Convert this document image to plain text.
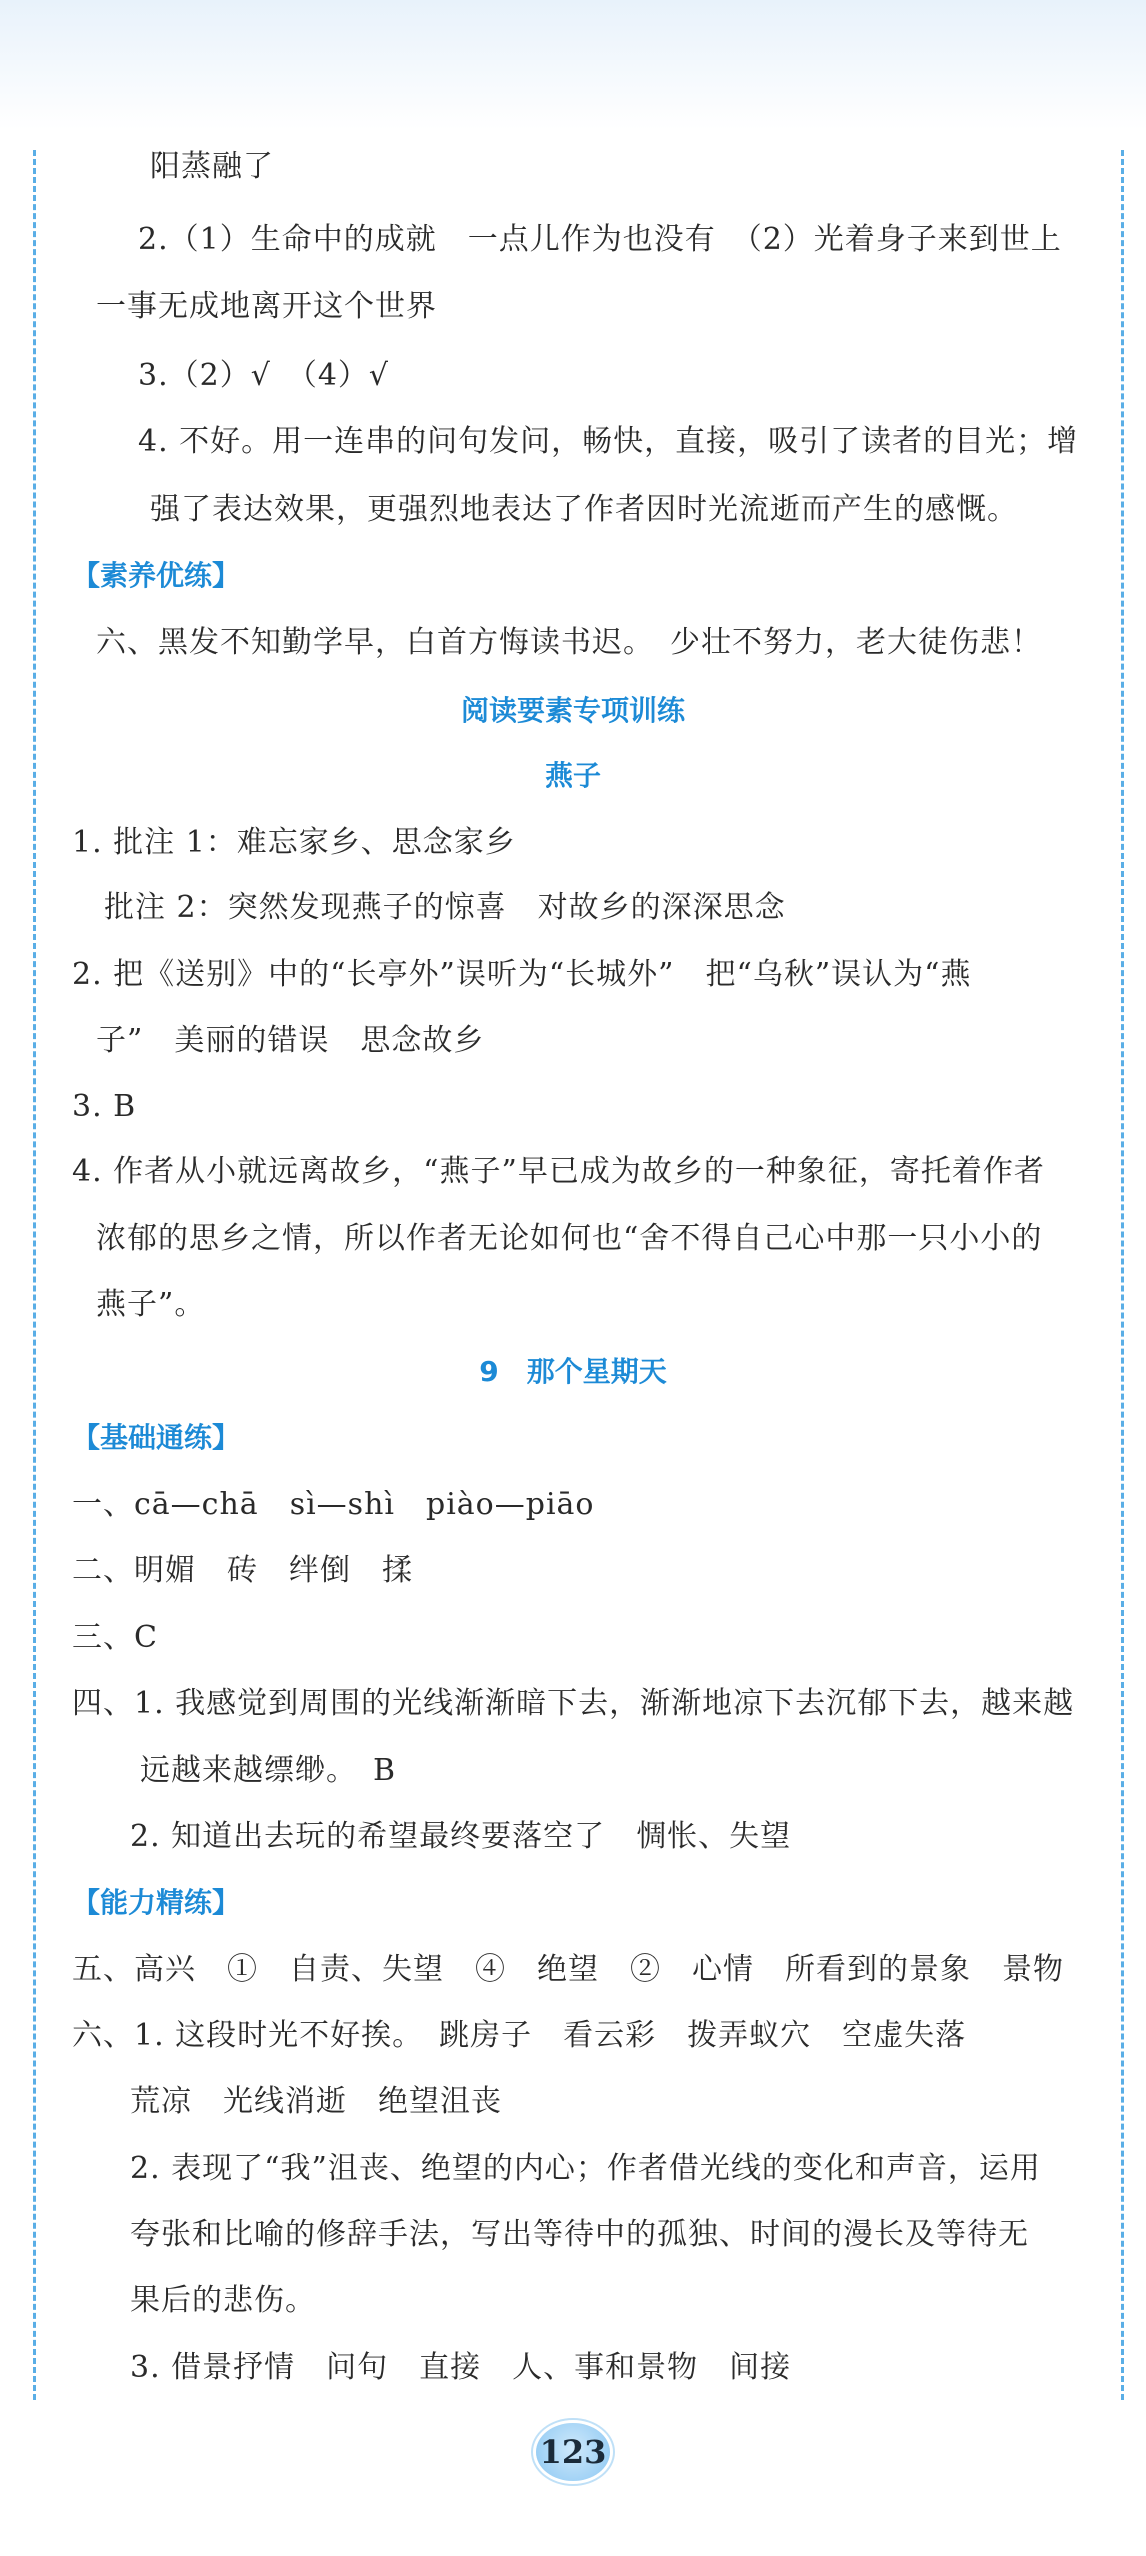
阳蒸融了
2.（1）生命中的成就　一点儿作为也没有　（2）光着身子来到世上
一事无成地离开这个世界
3.（2）√　（4）√
4. 不好。用一连串的问句发问，畅快，直接，吸引了读者的目光；增
强了表达效果，更强烈地表达了作者因时光流逝而产生的感慨。
【素养优练】
六、黑发不知勤学早，白首方悔读书迟。　少壮不努力，老大徒伤悲！
阅读要素专项训练
燕子
1. 批注 1：难忘家乡、思念家乡
批注 2：突然发现燕子的惊喜　对故乡的深深思念
2. 把《送别》中的“长亭外”误听为“长城外”　把“乌秋”误认为“燕
子”　美丽的错误　思念故乡
3. B
4. 作者从小就远离故乡，“燕子”早已成为故乡的一种象征，寄托着作者
浓郁的思乡之情，所以作者无论如何也“舍不得自己心中那一只小小的
燕子”。
9　那个星期天
【基础通练】
一、cā—chā　sì—shì　piào—piāo
二、明媚　砖　绊倒　揉
三、C
四、1. 我感觉到周围的光线渐渐暗下去，渐渐地凉下去沉郁下去，越来越
远越来越缥缈。　B
2. 知道出去玩的希望最终要落空了　惆怅、失望
【能力精练】
五、高兴　①　自责、失望　④　绝望　②　心情　所看到的景象　景物
六、1. 这段时光不好挨。　跳房子　看云彩　拨弄蚁穴　空虚失落
荒凉　光线消逝　绝望沮丧
2. 表现了“我”沮丧、绝望的内心；作者借光线的变化和声音，运用
夸张和比喻的修辞手法，写出等待中的孤独、时间的漫长及等待无
果后的悲伤。
3. 借景抒情　问句　直接　人、事和景物　间接
123
